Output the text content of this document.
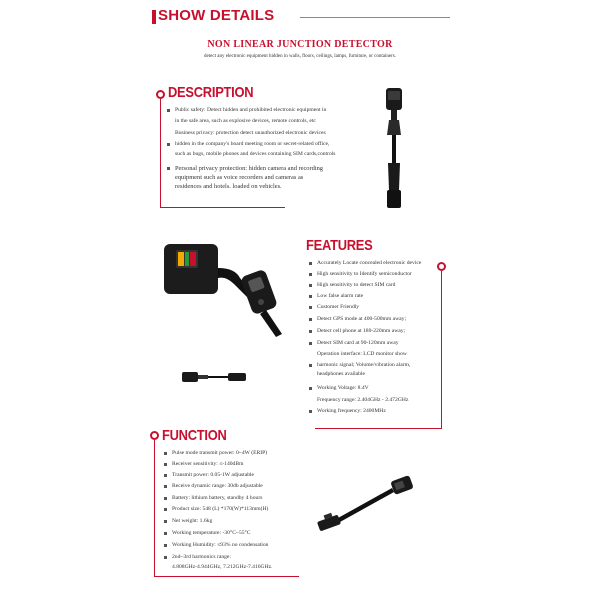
SHOW DETAILS
NON LINEAR JUNCTION DETECTOR
detect any electronic equipment hidden in walls, floors, ceilings, lamps, furniture, or containers.
DESCRIPTION
Public safety: Detect hidden and prohibited electronic equipment in
in the safe area, such as explosive devices, remote controls, etc
Business privacy: protection detect unauthorized electronic devices
hidden in the company's board meeting room or secret-related office,
such as bugs, mobile phones and devices containing SIM cards,controls
Personal privacy protection: hidden camera and recording
equipment such as voice recorders and cameras as
residences and hotels. loaded on vehicles.
FEATURES
Accurately Locate concealed electronic device
High sensitivity to Identify semiconductor
High sensitivity to detect SIM card
Low false alarm rate
Customer Friendly
Detect GPS mode at 400-500mm away;
Detect cell phone at 180-220mm away;
Detect SIM card at 90-120mm away
Operation interface: LCD monitor show
harmonic signal; Volume/vibration alarm,
headphones available
Working Voltage: 8.4V
Frequency range: 2.404GHz - 2.472GHz
Working frequency: 2400MHz
FUNCTION
Pulse mode transmit power: 0~4W (ERIP)
Receiver sensitivity: ≤-140dBm
Transmit power: 0.05-1W adjustable
Receive dynamic range: 30db adjustable
Battery: lithium battery, standby 4 hours
Product size: 548 (L) *170(W)*113mm(H)
Net weight: 1.6kg
Working temperature: -30°C~55°C
Working Humidity: ≤93% no condensation
2nd~3rd harmonics range:
4.808GHz-4.944GHz, 7.212GHz-7.416GHz.
